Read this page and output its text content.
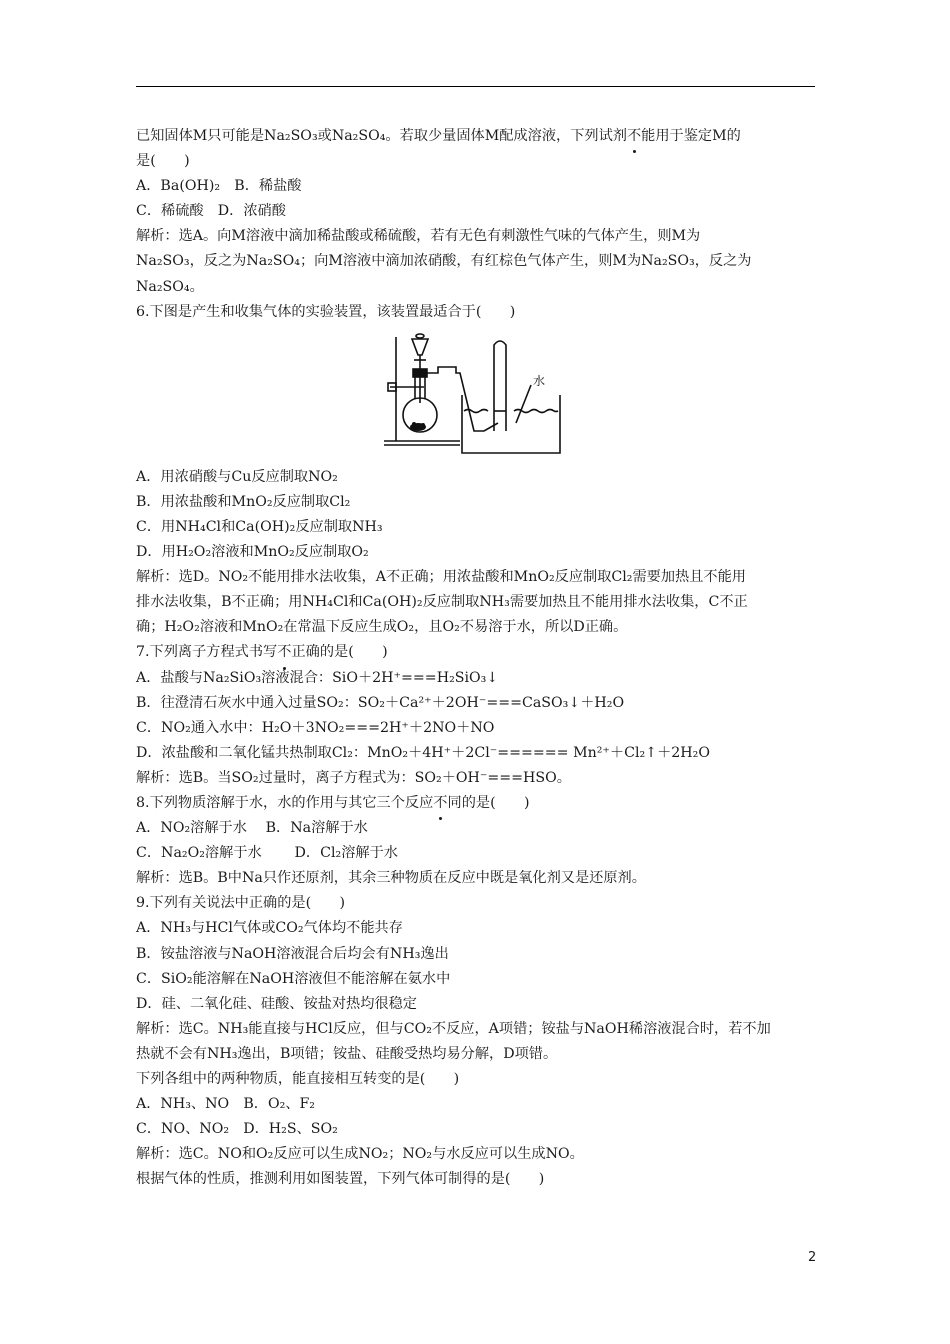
已知固体M只可能是Na₂SO₃或Na₂SO₄。若取少量固体M配成溶液，下列试剂不能用于鉴定M的
是(　　)
A．Ba(OH)₂　B．稀盐酸
C．稀硫酸　D．浓硝酸
解析：选A。向M溶液中滴加稀盐酸或稀硫酸，若有无色有刺激性气味的气体产生，则M为
Na₂SO₃，反之为Na₂SO₄；向M溶液中滴加浓硝酸，有红棕色气体产生，则M为Na₂SO₃，反之为
Na₂SO₄。
6.下图是产生和收集气体的实验装置，该装置最适合于(　　)
水
A．用浓硝酸与Cu反应制取NO₂
B．用浓盐酸和MnO₂反应制取Cl₂
C．用NH₄Cl和Ca(OH)₂反应制取NH₃
D．用H₂O₂溶液和MnO₂反应制取O₂
解析：选D。NO₂不能用排水法收集，A不正确；用浓盐酸和MnO₂反应制取Cl₂需要加热且不能用
排水法收集，B不正确；用NH₄Cl和Ca(OH)₂反应制取NH₃需要加热且不能用排水法收集，C不正
确；H₂O₂溶液和MnO₂在常温下反应生成O₂，且O₂不易溶于水，所以D正确。
7.下列离子方程式书写不正确的是(　　)
A．盐酸与Na₂SiO₃溶液混合：SiO＋2H⁺===H₂SiO₃↓
B．往澄清石灰水中通入过量SO₂：SO₂＋Ca²⁺＋2OH⁻===CaSO₃↓＋H₂O
C．NO₂通入水中：H₂O＋3NO₂===2H⁺＋2NO＋NO
D．浓盐酸和二氧化锰共热制取Cl₂：MnO₂＋4H⁺＋2Cl⁻====== Mn²⁺＋Cl₂↑＋2H₂O
解析：选B。当SO₂过量时，离子方程式为：SO₂＋OH⁻===HSO。
8.下列物质溶解于水，水的作用与其它三个反应不同的是(　　)
A．NO₂溶解于水　 B．Na溶解于水
C．Na₂O₂溶解于水　　 D．Cl₂溶解于水
解析：选B。B中Na只作还原剂，其余三种物质在反应中既是氧化剂又是还原剂。
9.下列有关说法中正确的是(　　)
A．NH₃与HCl气体或CO₂气体均不能共存
B．铵盐溶液与NaOH溶液混合后均会有NH₃逸出
C．SiO₂能溶解在NaOH溶液但不能溶解在氨水中
D．硅、二氧化硅、硅酸、铵盐对热均很稳定
解析：选C。NH₃能直接与HCl反应，但与CO₂不反应，A项错；铵盐与NaOH稀溶液混合时，若不加
热就不会有NH₃逸出，B项错；铵盐、硅酸受热均易分解，D项错。
下列各组中的两种物质，能直接相互转变的是(　　)
A．NH₃、NO　B．O₂、F₂
C．NO、NO₂　D．H₂S、SO₂
解析：选C。NO和O₂反应可以生成NO₂；NO₂与水反应可以生成NO。
根据气体的性质，推测利用如图装置，下列气体可制得的是(　　)
2
